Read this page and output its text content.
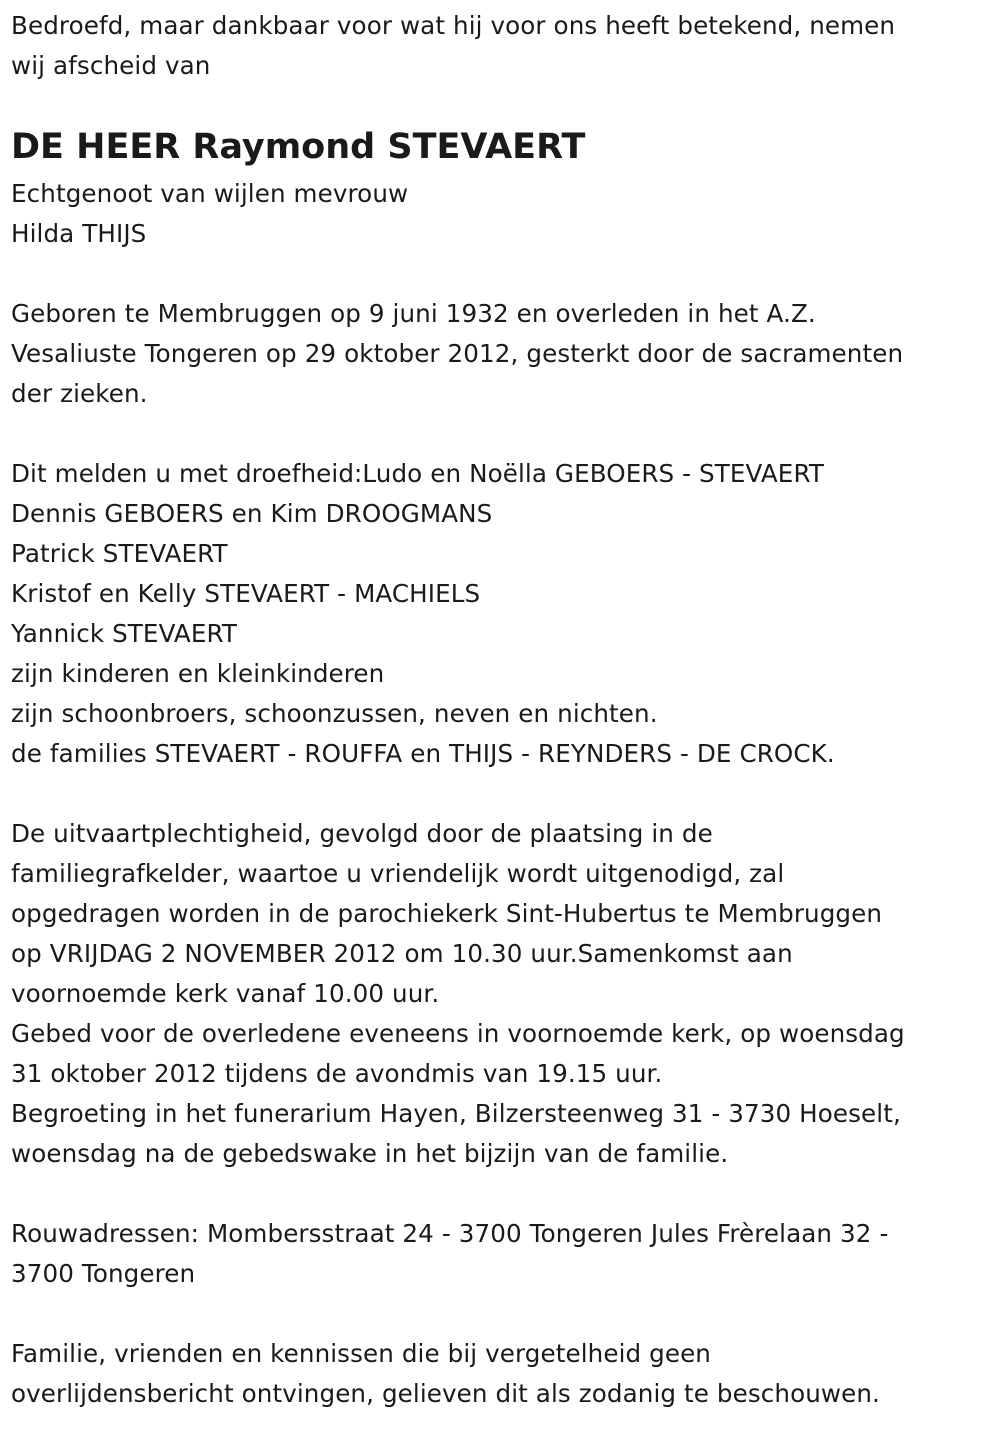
Bedroefd, maar dankbaar voor wat hij voor ons heeft betekend, nemen
wij afscheid van
DE HEER Raymond STEVAERT
Echtgenoot van wijlen mevrouw
Hilda THIJS
Geboren te Membruggen op 9 juni 1932 en overleden in het A.Z.
Vesaliuste Tongeren op 29 oktober 2012, gesterkt door de sacramenten
der zieken.
Dit melden u met droefheid:Ludo en Noëlla GEBOERS - STEVAERT
Dennis GEBOERS en Kim DROOGMANS
Patrick STEVAERT
Kristof en Kelly STEVAERT - MACHIELS
Yannick STEVAERT
zijn kinderen en kleinkinderen
zijn schoonbroers, schoonzussen, neven en nichten.
de families STEVAERT - ROUFFA en THIJS - REYNDERS - DE CROCK.
De uitvaartplechtigheid, gevolgd door de plaatsing in de
familiegrafkelder, waartoe u vriendelijk wordt uitgenodigd, zal
opgedragen worden in de parochiekerk Sint-Hubertus te Membruggen
op VRIJDAG 2 NOVEMBER 2012 om 10.30 uur.Samenkomst aan
voornoemde kerk vanaf 10.00 uur.
Gebed voor de overledene eveneens in voornoemde kerk, op woensdag
31 oktober 2012 tijdens de avondmis van 19.15 uur.
Begroeting in het funerarium Hayen, Bilzersteenweg 31 - 3730 Hoeselt,
woensdag na de gebedswake in het bijzijn van de familie.
Rouwadressen: Mombersstraat 24 - 3700 Tongeren Jules Frèrelaan 32 -
3700 Tongeren
Familie, vrienden en kennissen die bij vergetelheid geen
overlijdensbericht ontvingen, gelieven dit als zodanig te beschouwen.
